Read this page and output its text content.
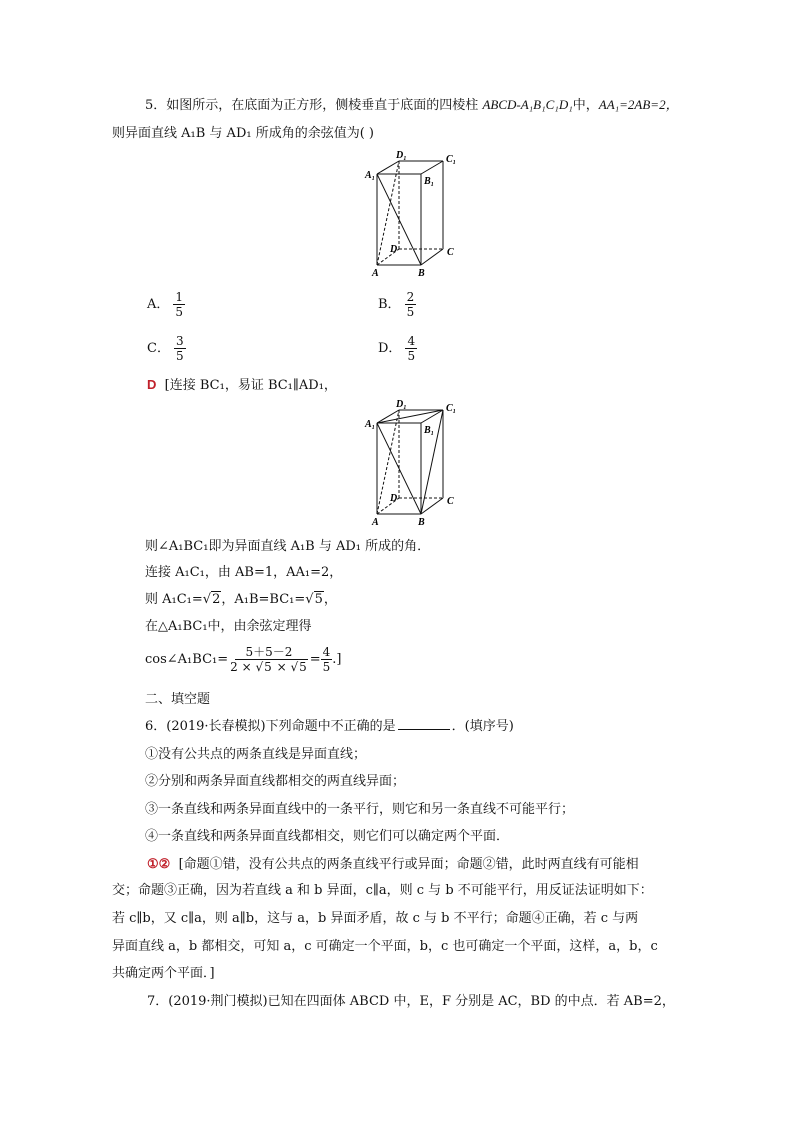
5．如图所示，在底面为正方形，侧棱垂直于底面的四棱柱 ABCD-A₁B₁C₁D₁中，AA₁=2AB=2，
则异面直线 A₁B 与 AD₁ 所成角的余弦值为( )
A₁
B₁
C₁
D₁
A	B
C
D
A． $\frac{1}{5}$	B． $\frac{2}{5}$
C． $\frac{3}{5}$	D． $\frac{4}{5}$
D [连接 BC₁，易证 BC₁∥AD₁，
A₁
B₁
C₁
D₁
A	B
C
D
则∠A₁BC₁即为异面直线 A₁B 与 AD₁ 所成的角．
连接 A₁C₁，由 AB=1，AA₁=2，
则 A₁C₁=√2，A₁B=BC₁=√5，
在△A₁BC₁中，由余弦定理得
cos∠A₁BC₁= $\frac{5+5-2}{2 \times √5 \times √5} = \frac{4}{5}$ .]
二、填空题
6．(2019·长春模拟)下列命题中不正确的是	．(填序号)
①没有公共点的两条直线是异面直线；
②分别和两条异面直线都相交的两直线异面；
③一条直线和两条异面直线中的一条平行，则它和另一条直线不可能平行；
④一条直线和两条异面直线都相交，则它们可以确定两个平面．
①② [命题①错，没有公共点的两条直线平行或异面；命题②错，此时两直线有可能相
交；命题③正确，因为若直线 a 和 b 异面，c∥a，则 c 与 b 不可能平行，用反证法证明如下：
若 c∥b，又 c∥a，则 a∥b，这与 a，b 异面矛盾，故 c 与 b 不平行；命题④正确，若 c 与两
异面直线 a，b 都相交，可知 a，c 可确定一个平面，b，c 也可确定一个平面，这样，a，b，c
共确定两个平面．]
7．(2019·荆门模拟)已知在四面体 ABCD 中，E，F 分别是 AC，BD 的中点．若 AB=2，
